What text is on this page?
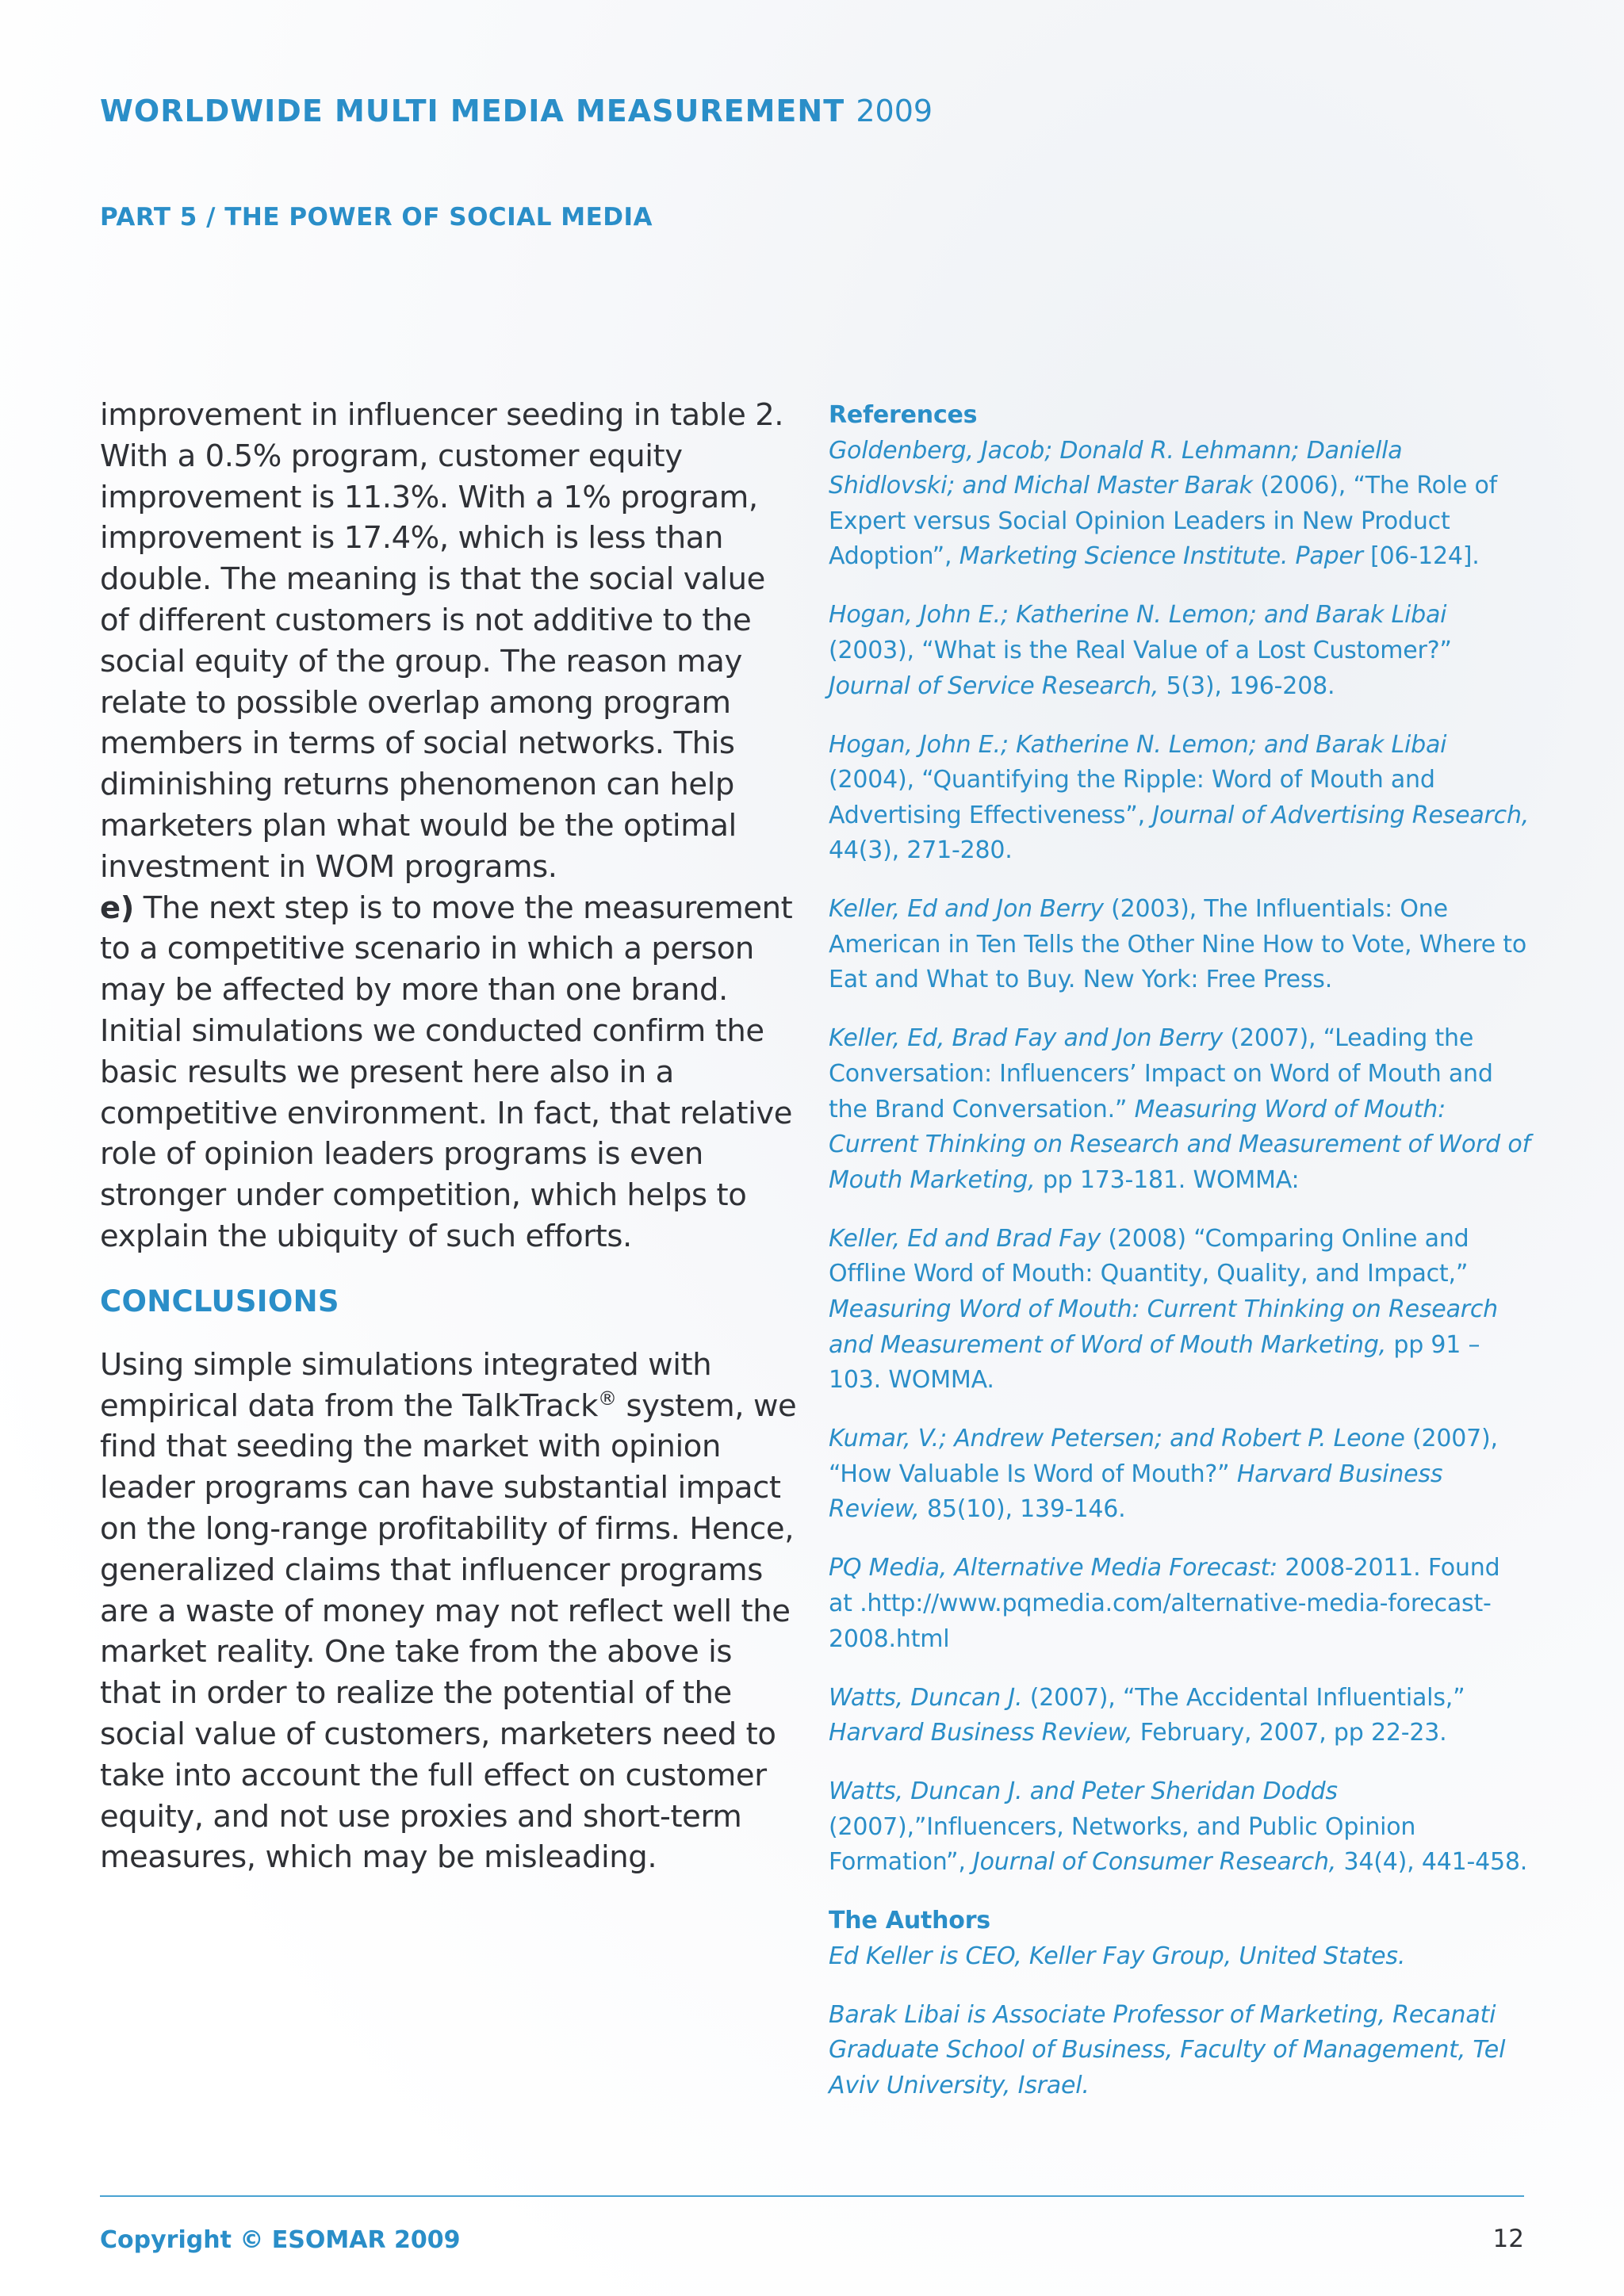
WORLDWIDE MULTI MEDIA MEASUREMENT 2009
PART 5 / THE POWER OF SOCIAL MEDIA

improvement in influencer seeding in table 2. With a 0.5% program, customer equity improvement is 11.3%. With a 1% program, improvement is 17.4%, which is less than double. The meaning is that the social value of different customers is not additive to the social equity of the group. The reason may relate to possible overlap among program members in terms of social networks. This diminishing returns phenomenon can help marketers plan what would be the optimal investment in WOM programs.

e) The next step is to move the measurement to a competitive scenario in which a person may be affected by more than one brand. Initial simulations we conducted confirm the basic results we present here also in a competitive environment. In fact, that relative role of opinion leaders programs is even stronger under competition, which helps to explain the ubiquity of such efforts.

CONCLUSIONS

Using simple simulations integrated with empirical data from the TalkTrack® system, we find that seeding the market with opinion leader programs can have substantial impact on the long-range profitability of firms. Hence, generalized claims that influencer programs are a waste of money may not reflect well the market reality. One take from the above is that in order to realize the potential of the social value of customers, marketers need to take into account the full effect on customer equity, and not use proxies and short-term measures, which may be misleading.

References

Goldenberg, Jacob; Donald R. Lehmann; Daniella Shidlovski; and Michal Master Barak (2006), “The Role of Expert versus Social Opinion Leaders in New Product Adoption”, Marketing Science Institute. Paper [06-124].

Hogan, John E.; Katherine N. Lemon; and Barak Libai (2003), “What is the Real Value of a Lost Customer?” Journal of Service Research, 5(3), 196-208.

Hogan, John E.; Katherine N. Lemon; and Barak Libai (2004), “Quantifying the Ripple: Word of Mouth and Advertising Effectiveness”, Journal of Advertising Research, 44(3), 271-280.

Keller, Ed and Jon Berry (2003), The Influentials: One American in Ten Tells the Other Nine How to Vote, Where to Eat and What to Buy. New York: Free Press.

Keller, Ed, Brad Fay and Jon Berry (2007), “Leading the Conversation: Influencers’ Impact on Word of Mouth and the Brand Conversation.” Measuring Word of Mouth: Current Thinking on Research and Measurement of Word of Mouth Marketing, pp 173-181. WOMMA:

Keller, Ed and Brad Fay (2008) “Comparing Online and Offline Word of Mouth: Quantity, Quality, and Impact,” Measuring Word of Mouth: Current Thinking on Research and Measurement of Word of Mouth Marketing, pp 91 – 103. WOMMA.

Kumar, V.; Andrew Petersen; and Robert P. Leone (2007), “How Valuable Is Word of Mouth?” Harvard Business Review, 85(10), 139-146.

PQ Media, Alternative Media Forecast: 2008-2011. Found at .http://www.pqmedia.com/alternative-media-forecast-2008.html

Watts, Duncan J. (2007), “The Accidental Influentials,” Harvard Business Review, February, 2007, pp 22-23.

Watts, Duncan J. and Peter Sheridan Dodds (2007),”Influencers, Networks, and Public Opinion Formation”, Journal of Consumer Research, 34(4), 441-458.

The Authors

Ed Keller is CEO, Keller Fay Group, United States.

Barak Libai is Associate Professor of Marketing, Recanati Graduate School of Business, Faculty of Management, Tel Aviv University, Israel.

Copyright © ESOMAR 2009	12
